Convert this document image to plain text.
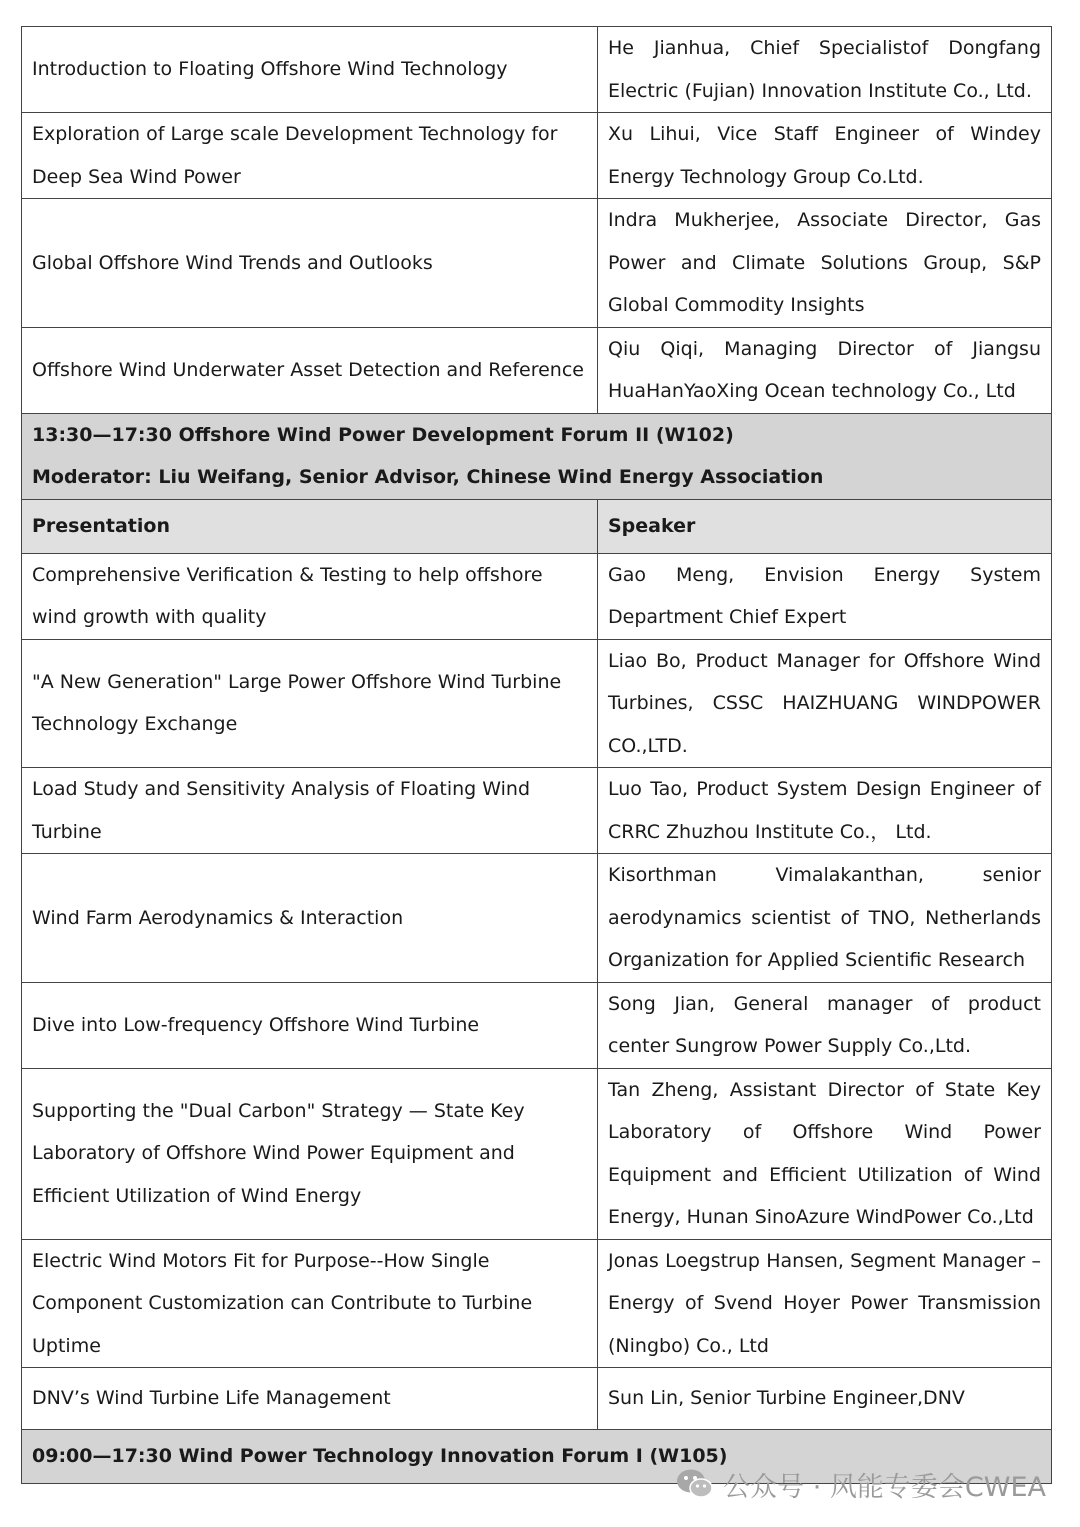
Introduction to Floating Offshore Wind Technology	He Jianhua, Chief Specialistof Dongfang Electric (Fujian) Innovation Institute Co., Ltd.
Exploration of Large scale Development Technology for Deep Sea Wind Power	Xu Lihui, Vice Staff Engineer of Windey Energy Technology Group Co.Ltd.
Global Offshore Wind Trends and Outlooks	Indra Mukherjee, Associate Director, Gas Power and Climate Solutions Group, S&P Global Commodity Insights
Offshore Wind Underwater Asset Detection and Reference	Qiu Qiqi, Managing Director of Jiangsu HuaHanYaoXing Ocean technology Co., Ltd

13:30—17:30 Offshore Wind Power Development Forum II (W102)
Moderator: Liu Weifang, Senior Advisor, Chinese Wind Energy Association	

Presentation	Speaker
Comprehensive Verification & Testing to help offshore wind growth with quality	Gao Meng, Envision Energy System Department Chief Expert
"A New Generation" Large Power Offshore Wind Turbine Technology Exchange	Liao Bo, Product Manager for Offshore Wind Turbines, CSSC HAIZHUANG WINDPOWER CO.,LTD.
Load Study and Sensitivity Analysis of Floating Wind Turbine	Luo Tao, Product System Design Engineer of CRRC Zhuzhou Institute Co.， Ltd.
Wind Farm Aerodynamics & Interaction	Kisorthman Vimalakanthan, senior aerodynamics scientist of TNO, Netherlands Organization for Applied Scientific Research
Dive into Low-frequency Offshore Wind Turbine	Song Jian, General manager of product center Sungrow Power Supply Co.,Ltd.
Supporting the "Dual Carbon" Strategy — State Key Laboratory of Offshore Wind Power Equipment and Efficient Utilization of Wind Energy	Tan Zheng, Assistant Director of State Key Laboratory of Offshore Wind Power Equipment and Efficient Utilization of Wind Energy, Hunan SinoAzure WindPower Co.,Ltd
Electric Wind Motors Fit for Purpose--How Single Component Customization can Contribute to Turbine Uptime	Jonas Loegstrup Hansen, Segment Manager – Energy of Svend Hoyer Power Transmission (Ningbo) Co., Ltd
DNV’s Wind Turbine Life Management	Sun Lin, Senior Turbine Engineer,DNV

09:00—17:30 Wind Power Technology Innovation Forum I (W105)	
公众号 · 风能专委会CWEA
